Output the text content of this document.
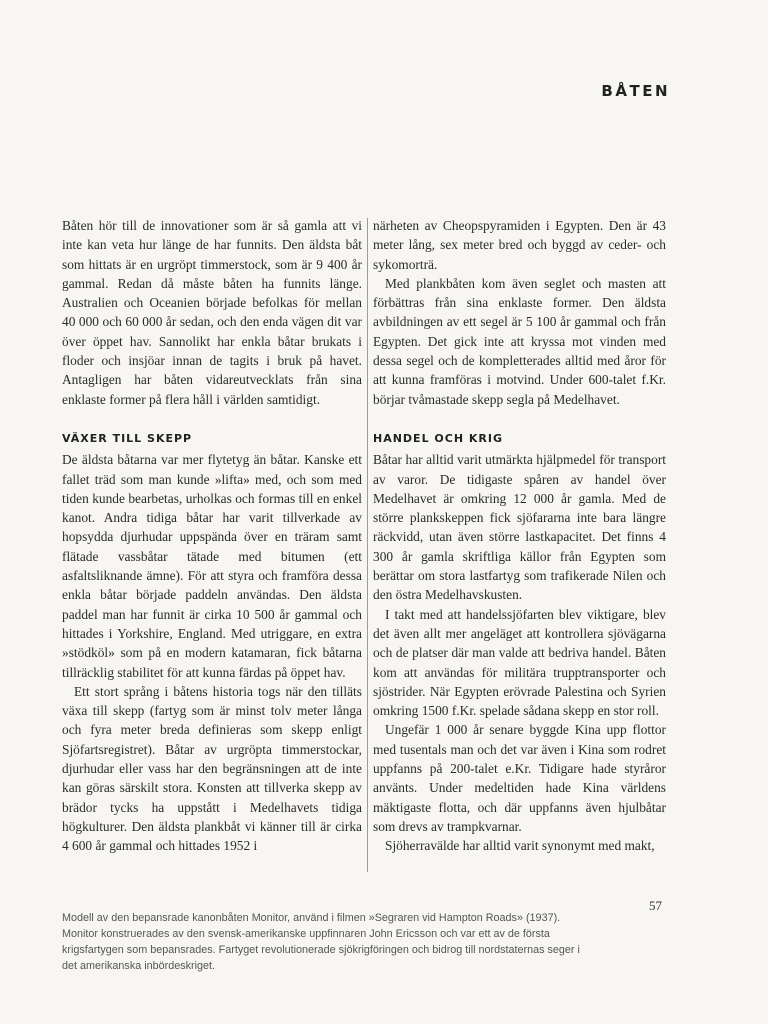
BÅTEN

Båten hör till de innovationer som är så gamla att vi inte kan veta hur länge de har funnits. Den äldsta båt som hittats är en urgröpt timmerstock, som är 9 400 år gammal. Redan då måste båten ha funnits länge. Australien och Oceanien började befolkas för mellan 40 000 och 60 000 år sedan, och den enda vägen dit var över öppet hav. Sannolikt har enkla båtar brukats i floder och insjöar innan de tagits i bruk på havet. Antagligen har båten vidareutvecklats från sina enklaste former på flera håll i världen samtidigt.

VÄXER TILL SKEPP

De äldsta båtarna var mer flytetyg än båtar. Kanske ett fallet träd som man kunde »lifta» med, och som med tiden kunde bearbetas, urholkas och formas till en enkel kanot. Andra tidiga båtar har varit tillverkade av hopsydda djurhudar uppspända över en träram samt flätade vassbåtar tätade med bitumen (ett asfaltsliknande ämne). För att styra och framföra dessa enkla båtar började paddeln användas. Den äldsta paddel man har funnit är cirka 10 500 år gammal och hittades i Yorkshire, England. Med utriggare, en extra »stödköl» som på en modern katamaran, fick båtarna tillräcklig stabilitet för att kunna färdas på öppet hav.

Ett stort språng i båtens historia togs när den tilläts växa till skepp (fartyg som är minst tolv meter långa och fyra meter breda definieras som skepp enligt Sjöfartsregistret). Båtar av urgröpta timmerstockar, djurhudar eller vass har den begränsningen att de inte kan göras särskilt stora. Konsten att tillverka skepp av brädor tycks ha uppstått i Medelhavets tidiga högkulturer. Den äldsta plankbåt vi känner till är cirka 4 600 år gammal och hittades 1952 i

närheten av Cheopspyramiden i Egypten. Den är 43 meter lång, sex meter bred och byggd av ceder- och sykomorträ.

Med plankbåten kom även seglet och masten att förbättras från sina enklaste former. Den äldsta avbildningen av ett segel är 5 100 år gammal och från Egypten. Det gick inte att kryssa mot vinden med dessa segel och de kompletterades alltid med åror för att kunna framföras i motvind. Under 600-talet f.Kr. börjar tvåmastade skepp segla på Medelhavet.

HANDEL OCH KRIG

Båtar har alltid varit utmärkta hjälpmedel för transport av varor. De tidigaste spåren av handel över Medelhavet är omkring 12 000 år gamla. Med de större plankskeppen fick sjöfararna inte bara längre räckvidd, utan även större lastkapacitet. Det finns 4 300 år gamla skriftliga källor från Egypten som berättar om stora lastfartyg som trafikerade Nilen och den östra Medelhavskusten.

I takt med att handelssjöfarten blev viktigare, blev det även allt mer angeläget att kontrollera sjövägarna och de platser där man valde att bedriva handel. Båten kom att användas för militära trupptransporter och sjöstrider. När Egypten erövrade Palestina och Syrien omkring 1500 f.Kr. spelade sådana skepp en stor roll.

Ungefär 1 000 år senare byggde Kina upp flottor med tusentals man och det var även i Kina som rodret uppfanns på 200-talet e.Kr. Tidigare hade styråror använts. Under medeltiden hade Kina världens mäktigaste flotta, och där uppfanns även hjulbåtar som drevs av trampkvarnar.

Sjöherravälde har alltid varit synonymt med makt,

57
Modell av den bepansrade kanonbåten Monitor, använd i filmen »Segraren vid Hampton Roads» (1937). Monitor konstruerades av den svensk-amerikanske uppfinnaren John Ericsson och var ett av de första krigsfartygen som bepansrades. Fartyget revolutionerade sjökrigföringen och bidrog till nordstaternas seger i det amerikanska inbördeskriget.
